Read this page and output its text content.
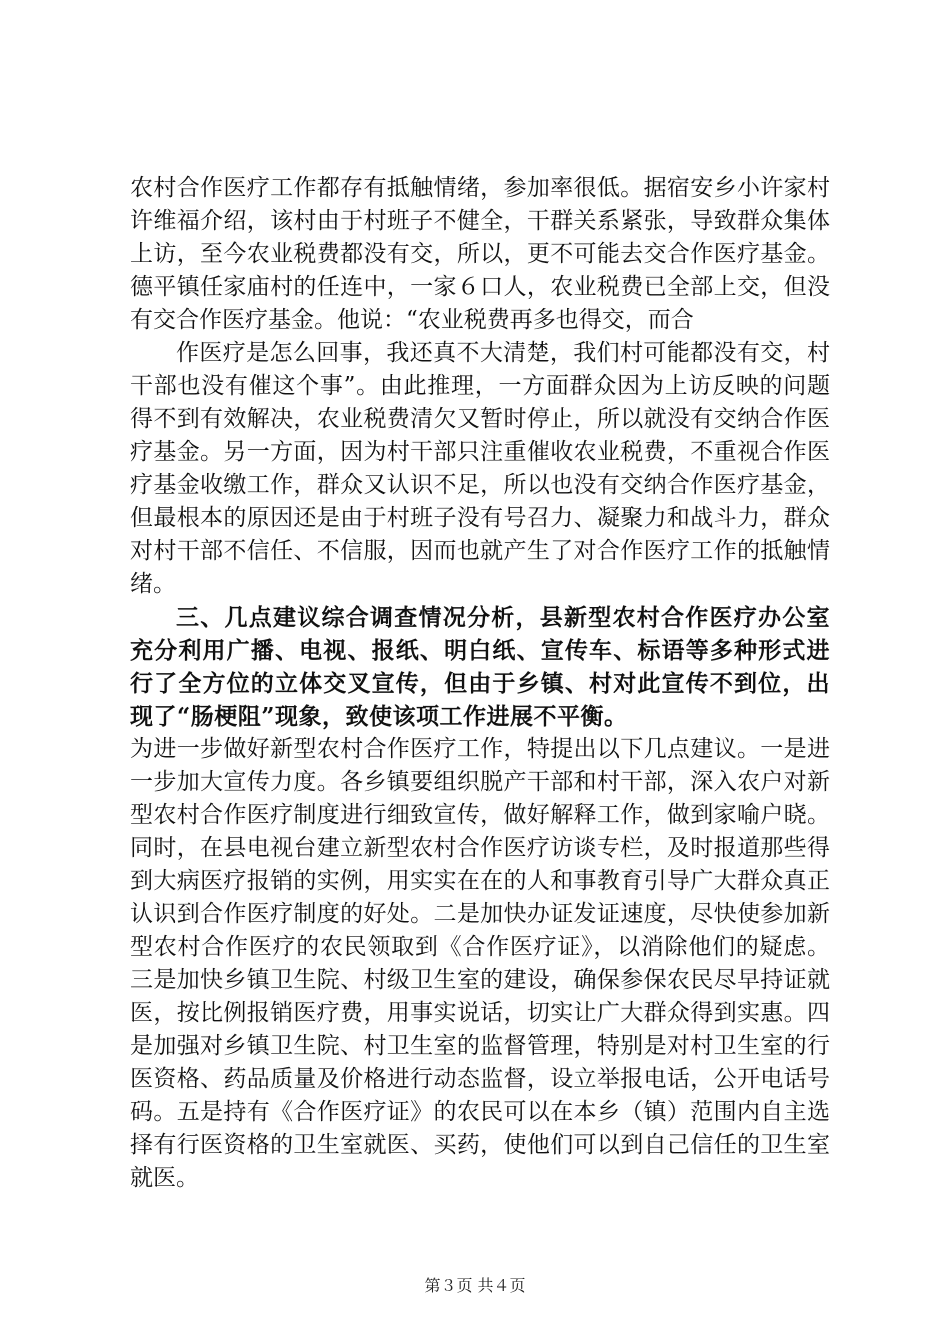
农村合作医疗工作都存有抵触情绪，参加率很低。据宿安乡小许家村许维福介绍，该村由于村班子不健全，干群关系紧张，导致群众集体上访，至今农业税费都没有交，所以，更不可能去交合作医疗基金。德平镇任家庙村的任连中，一家６口人，农业税费已全部上交，但没有交合作医疗基金。他说：“农业税费再多也得交，而合

作医疗是怎么回事，我还真不大清楚，我们村可能都没有交，村干部也没有催这个事”。由此推理，一方面群众因为上访反映的问题得不到有效解决，农业税费清欠又暂时停止，所以就没有交纳合作医疗基金。另一方面，因为村干部只注重催收农业税费，不重视合作医疗基金收缴工作，群众又认识不足，所以也没有交纳合作医疗基金，但最根本的原因还是由于村班子没有号召力、凝聚力和战斗力，群众对村干部不信任、不信服，因而也就产生了对合作医疗工作的抵触情绪。

三、几点建议综合调查情况分析，县新型农村合作医疗办公室充分利用广播、电视、报纸、明白纸、宣传车、标语等多种形式进行了全方位的立体交叉宣传，但由于乡镇、村对此宣传不到位，出现了“肠梗阻”现象，致使该项工作进展不平衡。

为进一步做好新型农村合作医疗工作，特提出以下几点建议。一是进一步加大宣传力度。各乡镇要组织脱产干部和村干部，深入农户对新型农村合作医疗制度进行细致宣传，做好解释工作，做到家喻户晓。同时，在县电视台建立新型农村合作医疗访谈专栏，及时报道那些得到大病医疗报销的实例，用实实在在的人和事教育引导广大群众真正认识到合作医疗制度的好处。二是加快办证发证速度，尽快使参加新型农村合作医疗的农民领取到《合作医疗证》，以消除他们的疑虑。三是加快乡镇卫生院、村级卫生室的建设，确保参保农民尽早持证就医，按比例报销医疗费，用事实说话，切实让广大群众得到实惠。四是加强对乡镇卫生院、村卫生室的监督管理，特别是对村卫生室的行医资格、药品质量及价格进行动态监督，设立举报电话，公开电话号码。五是持有《合作医疗证》的农民可以在本乡（镇）范围内自主选择有行医资格的卫生室就医、买药，使他们可以到自己信任的卫生室就医。

第３页 共４页
